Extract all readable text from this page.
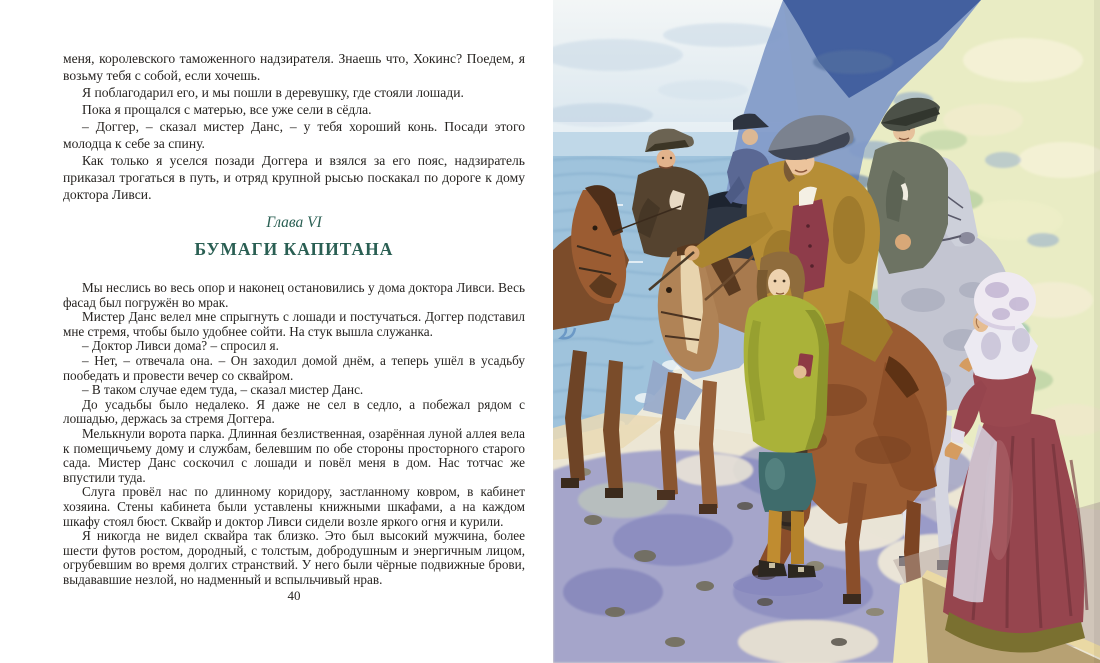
меня, королевского таможенного надзирателя. Знаешь что, Хокинс? Поедем, я возьму тебя с собой, если хочешь.

Я поблагодарил его, и мы пошли в деревушку, где стояли лошади.

Пока я прощался с матерью, все уже сели в сёдла.

– Доггер, – сказал мистер Данс, – у тебя хороший конь. Посади этого молодца к себе за спину.

Как только я уселся позади Доггера и взялся за его пояс, надзиратель приказал трогаться в путь, и отряд крупной рысью поскакал по дороге к дому доктора Ливси.

Глава VI
БУМАГИ КАПИТАНА

Мы неслись во весь опор и наконец остановились у дома доктора Ливси. Весь фасад был погружён во мрак.

Мистер Данс велел мне спрыгнуть с лошади и постучаться. Доггер подставил мне стремя, чтобы было удобнее сойти. На стук вышла служанка.

– Доктор Ливси дома? – спросил я.

– Нет, – отвечала она. – Он заходил домой днём, а теперь ушёл в усадьбу пообедать и провести вечер со сквайром.

– В таком случае едем туда, – сказал мистер Данс.

До усадьбы было недалеко. Я даже не сел в седло, а побежал рядом с лошадью, держась за стремя Доггера.

Мелькнули ворота парка. Длинная безлиственная, озарённая луной аллея вела к помещичьему дому и службам, белевшим по обе стороны просторного старого сада. Мистер Данс соскочил с лошади и повёл меня в дом. Нас тотчас же впустили туда.

Слуга провёл нас по длинному коридору, застланному ковром, в кабинет хозяина. Стены кабинета были уставлены книжными шкафами, а на каждом шкафу стоял бюст. Сквайр и доктор Ливси сидели возле яркого огня и курили.

Я никогда не видел сквайра так близко. Это был высокий мужчина, более шести футов ростом, дородный, с толстым, добродушным и энергичным лицом, огрубевшим во время долгих странствий. У него были чёрные подвижные брови, выдававшие незлой, но надменный и вспыльчивый нрав.

40
